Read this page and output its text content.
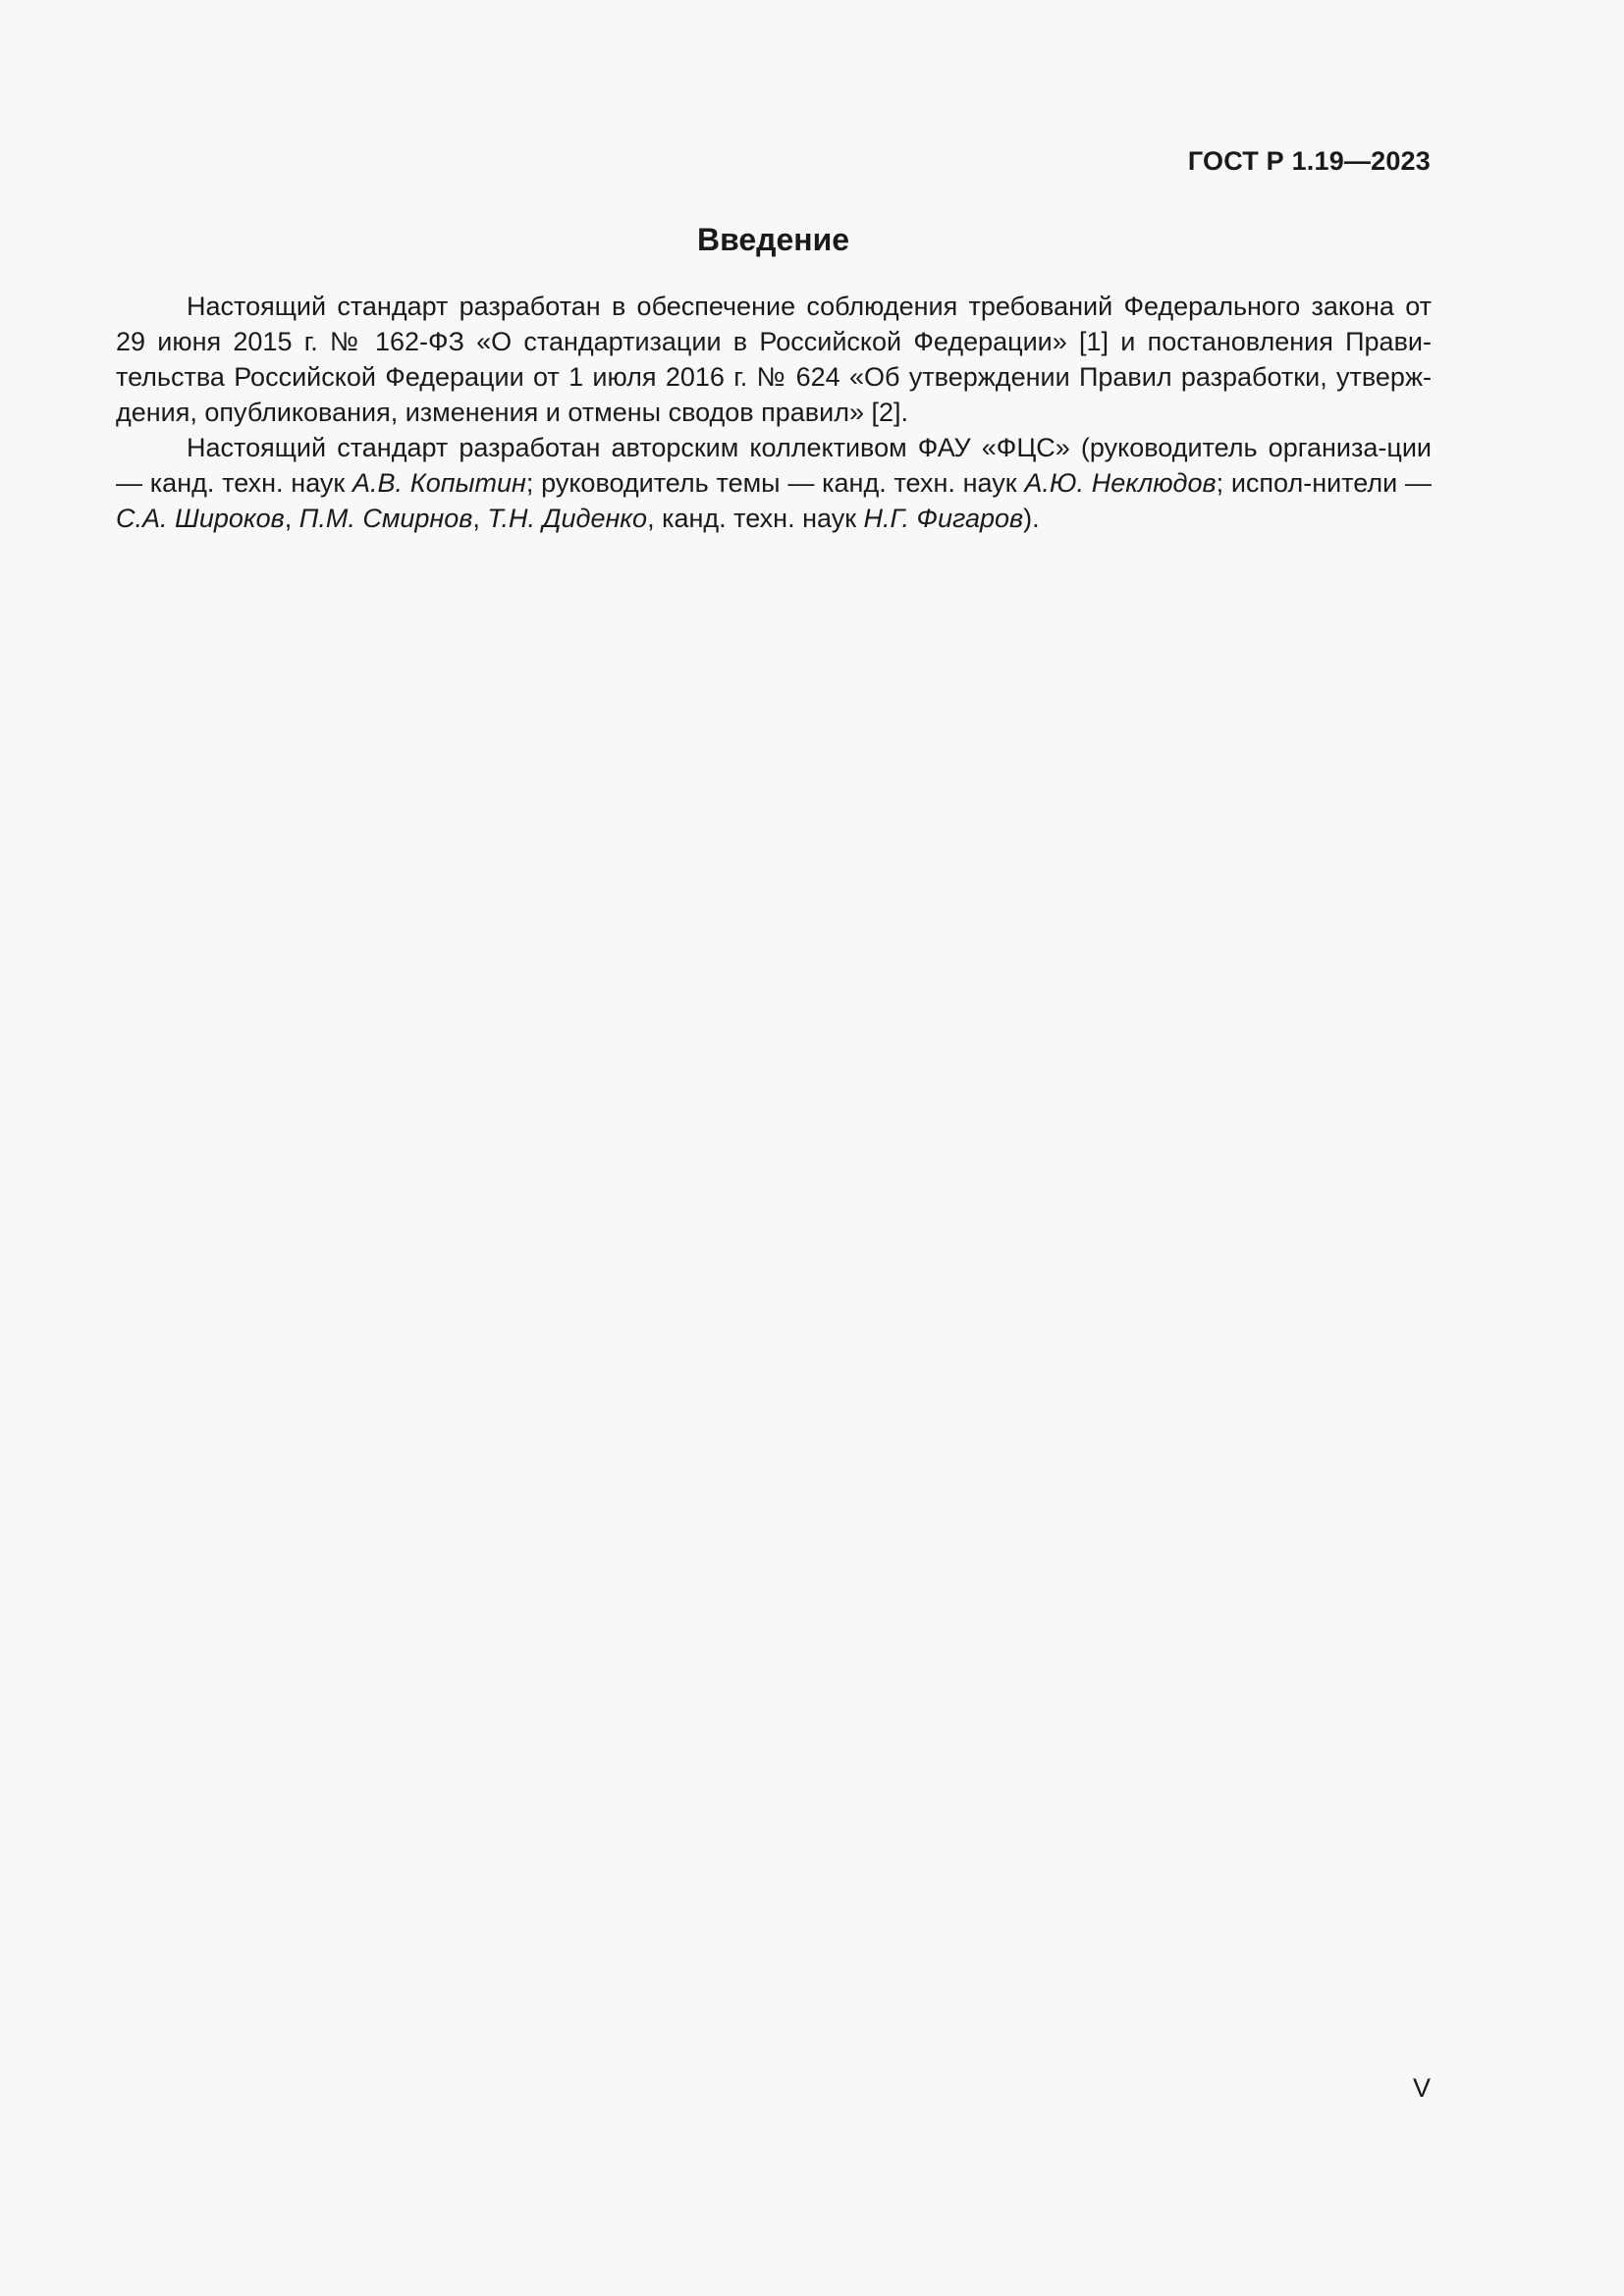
ГОСТ Р 1.19—2023
Введение

Настоящий стандарт разработан в обеспечение соблюдения требований Федерального закона от 29 июня 2015 г. № 162-ФЗ «О стандартизации в Российской Федерации» [1] и постановления Прави-тельства Российской Федерации от 1 июля 2016 г. № 624 «Об утверждении Правил разработки, утверж-дения, опубликования, изменения и отмены сводов правил» [2].

Настоящий стандарт разработан авторским коллективом ФАУ «ФЦС» (руководитель организа-ции — канд. техн. наук А.В. Копытин; руководитель темы — канд. техн. наук А.Ю. Неклюдов; испол-нители — С.А. Широков, П.М. Смирнов, Т.Н. Диденко, канд. техн. наук Н.Г. Фигаров).

V
